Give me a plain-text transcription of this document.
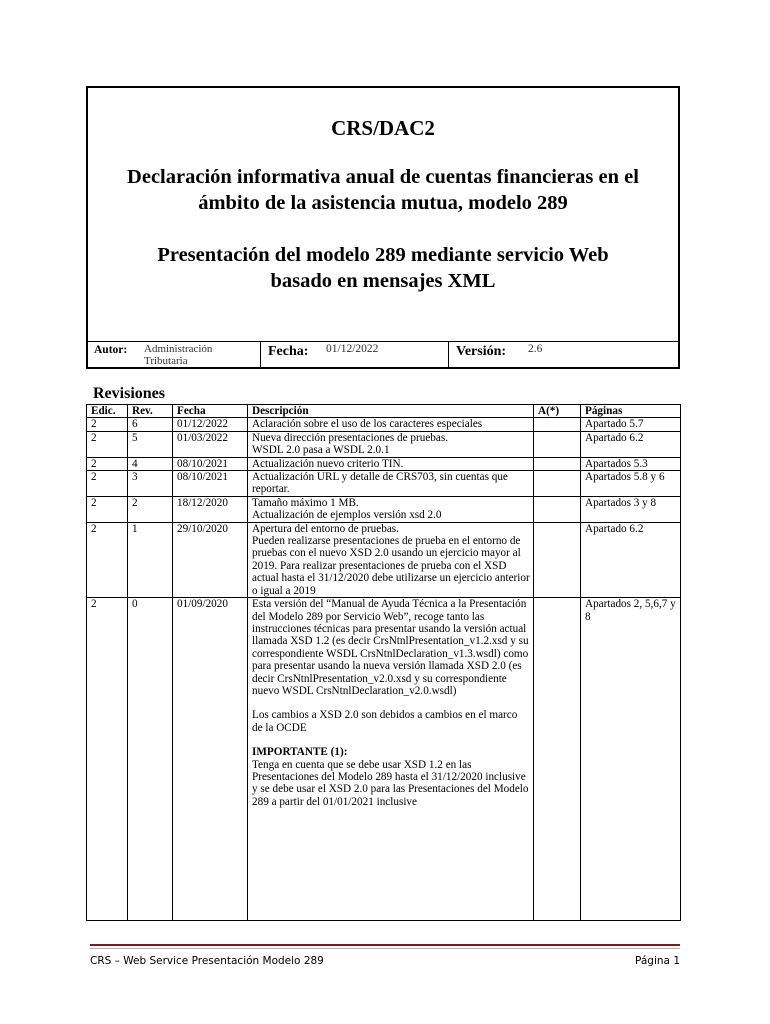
CRS/DAC2
Declaración informativa anual de cuentas financieras en el
ámbito de la asistencia mutua, modelo 289
Presentación del modelo 289 mediante servicio Web
basado en mensajes XML
Autor: Administración
Tributaria
Fecha: 01/12/2022	Versión: 2.6
Revisiones
Edic.	Rev.	Fecha	Descripción	A(*)	Páginas
2	6	01/12/2022	Aclaración sobre el uso de los caracteres especiales		Apartado 5.7

2	5	01/03/2022	Nueva dirección presentaciones de pruebas.
WSDL 2.0 pasa a WSDL 2.0.1		Apartado 6.2

2	4	08/10/2021	Actualización nuevo criterio TIN.		Apartados 5.3

2	3	08/10/2021	Actualización URL y detalle de CRS703, sin cuentas que reportar.		Apartados 5.8 y 6

2	2	18/12/2020	Tamaño máximo 1 MB.
Actualización de ejemplos versión xsd 2.0		Apartados 3 y 8

2	1	29/10/2020	Apertura del entorno de pruebas.
Pueden realizarse presentaciones de prueba en el entorno de pruebas con el nuevo XSD 2.0 usando un ejercicio mayor al 2019. Para realizar presentaciones de prueba con el XSD actual hasta el 31/12/2020 debe utilizarse un ejercicio anterior o igual a 2019		Apartado 6.2

2	0	01/09/2020	Esta versión del “Manual de Ayuda Técnica a la Presentación del Modelo 289 por Servicio Web”, recoge tanto las instrucciones técnicas para presentar usando la versión actual llamada XSD 1.2 (es decir CrsNtnlPresentation_v1.2.xsd y su correspondiente WSDL CrsNtnlDeclaration_v1.3.wsdl) como para presentar usando la nueva versión llamada XSD 2.0 (es decir CrsNtnlPresentation_v2.0.xsd y su correspondiente nuevo WSDL CrsNtnlDeclaration_v2.0.wsdl)
Los cambios a XSD 2.0 son debidos a cambios en el marco de la OCDE
IMPORTANTE (1):
Tenga en cuenta que se debe usar XSD 1.2 en las Presentaciones del Modelo 289 hasta el 31/12/2020 inclusive y se debe usar el XSD 2.0 para las Presentaciones del Modelo 289 a partir del 01/01/2021 inclusive		Apartados 2, 5,6,7 y 8
CRS – Web Service Presentación Modelo 289	Página 1
